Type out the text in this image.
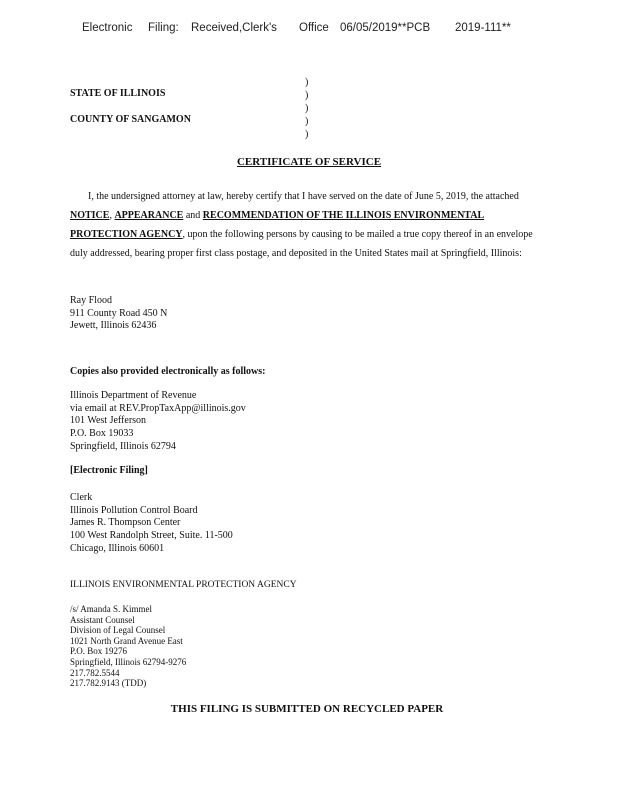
Electronic Filing: Received,Clerk's Office 06/05/2019**PCB 2019-111**
STATE OF ILLINOIS
COUNTY OF SANGAMON
)
)
)
)
)
CERTIFICATE OF SERVICE
I, the undersigned attorney at law, hereby certify that I have served on the date of June 5, 2019, the attached NOTICE, APPEARANCE and RECOMMENDATION OF THE ILLINOIS ENVIRONMENTAL PROTECTION AGENCY, upon the following persons by causing to be mailed a true copy thereof in an envelope duly addressed, bearing proper first class postage, and deposited in the United States mail at Springfield, Illinois:
Ray Flood
911 County Road 450 N
Jewett, Illinois 62436
Copies also provided electronically as follows:
Illinois Department of Revenue
via email at REV.PropTaxApp@illinois.gov
101 West Jefferson
P.O. Box 19033
Springfield, Illinois 62794
[Electronic Filing]
Clerk
Illinois Pollution Control Board
James R. Thompson Center
100 West Randolph Street, Suite. 11-500
Chicago, Illinois 60601
ILLINOIS ENVIRONMENTAL PROTECTION AGENCY
/s/ Amanda S. Kimmel
Assistant Counsel
Division of Legal Counsel
1021 North Grand Avenue East
P.O. Box 19276
Springfield, Illinois 62794-9276
217.782.5544
217.782.9143 (TDD)
THIS FILING IS SUBMITTED ON RECYCLED PAPER
